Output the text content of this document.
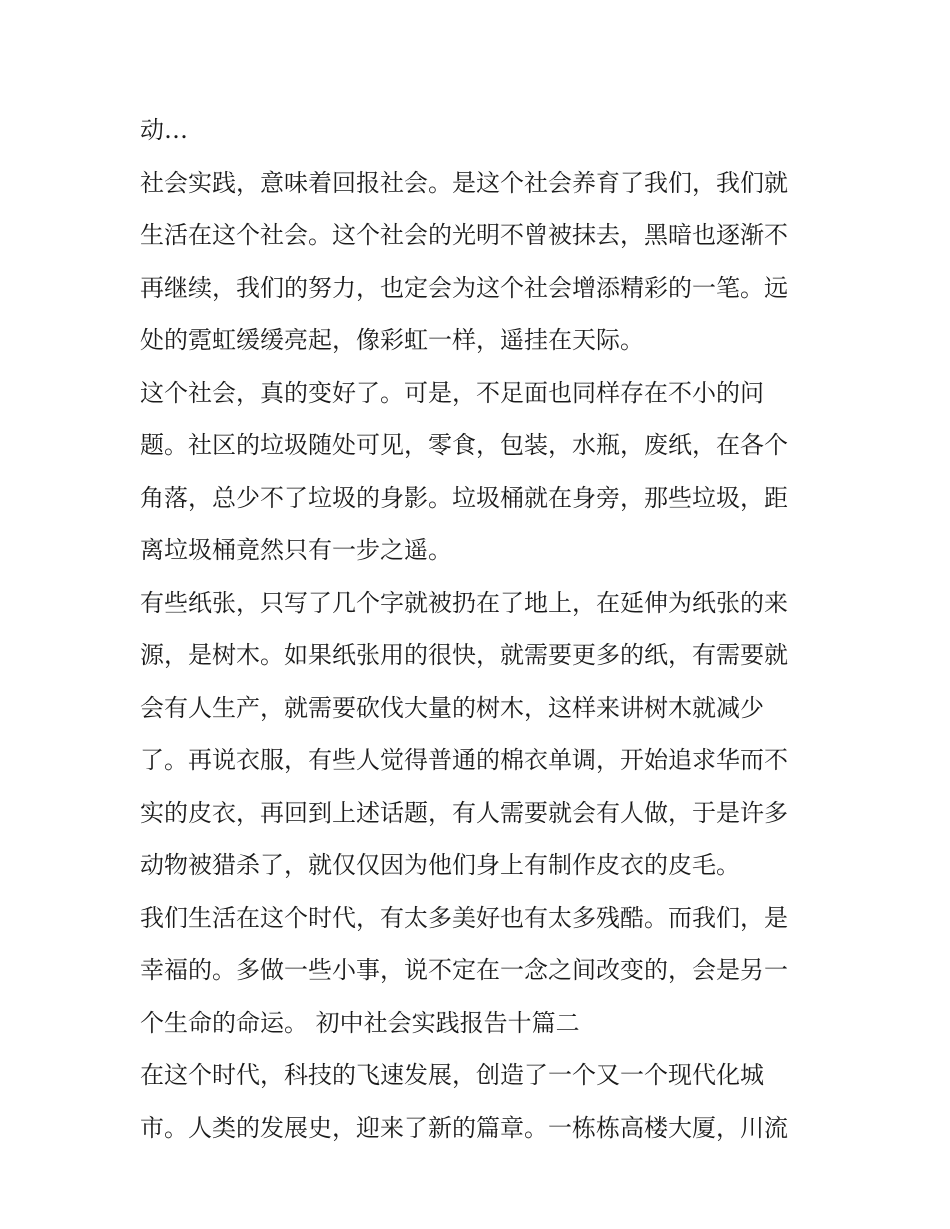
动…
社会实践，意味着回报社会。是这个社会养育了我们，我们就
生活在这个社会。这个社会的光明不曾被抹去，黑暗也逐渐不
再继续，我们的努力，也定会为这个社会增添精彩的一笔。远
处的霓虹缓缓亮起，像彩虹一样，遥挂在天际。
这个社会，真的变好了。可是，不足面也同样存在不小的问
题。社区的垃圾随处可见，零食，包装，水瓶，废纸，在各个
角落，总少不了垃圾的身影。垃圾桶就在身旁，那些垃圾，距
离垃圾桶竟然只有一步之遥。
有些纸张，只写了几个字就被扔在了地上，在延伸为纸张的来
源，是树木。如果纸张用的很快，就需要更多的纸，有需要就
会有人生产，就需要砍伐大量的树木，这样来讲树木就减少
了。再说衣服，有些人觉得普通的棉衣单调，开始追求华而不
实的皮衣，再回到上述话题，有人需要就会有人做，于是许多
动物被猎杀了，就仅仅因为他们身上有制作皮衣的皮毛。
我们生活在这个时代，有太多美好也有太多残酷。而我们，是
幸福的。多做一些小事，说不定在一念之间改变的，会是另一
个生命的命运。 初中社会实践报告十篇二
在这个时代，科技的飞速发展，创造了一个又一个现代化城
市。人类的发展史，迎来了新的篇章。一栋栋高楼大厦，川流
